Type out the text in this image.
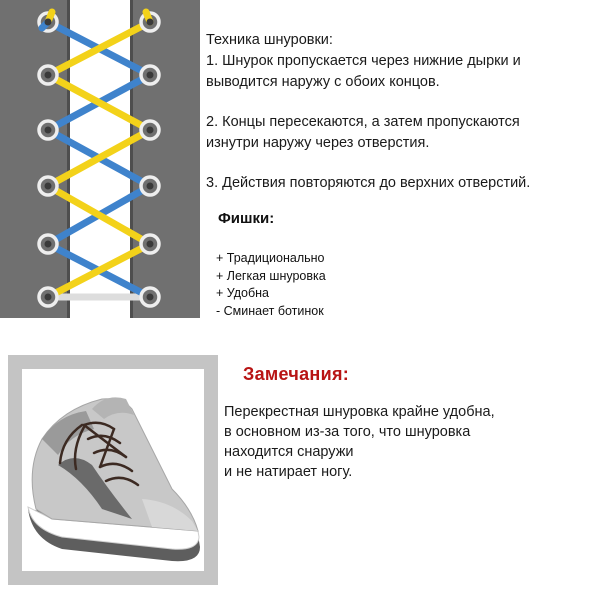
Техника шнуровки:

1. Шнурок пропускается через нижние дырки и

выводится наружу с обоих концов.

2. Концы пересекаются, а затем пропускаются

изнутри наружу через отверстия.

3. Действия повторяются до верхних отверстий.

Фишки:
+ Традиционально
+ Легкая шнуровка
+ Удобна
- Сминает ботинок
Замечания:

Перекрестная шнуровка крайне удобна,
в основном из-за того, что шнуровка
находится снаружи
и не натирает ногу.
